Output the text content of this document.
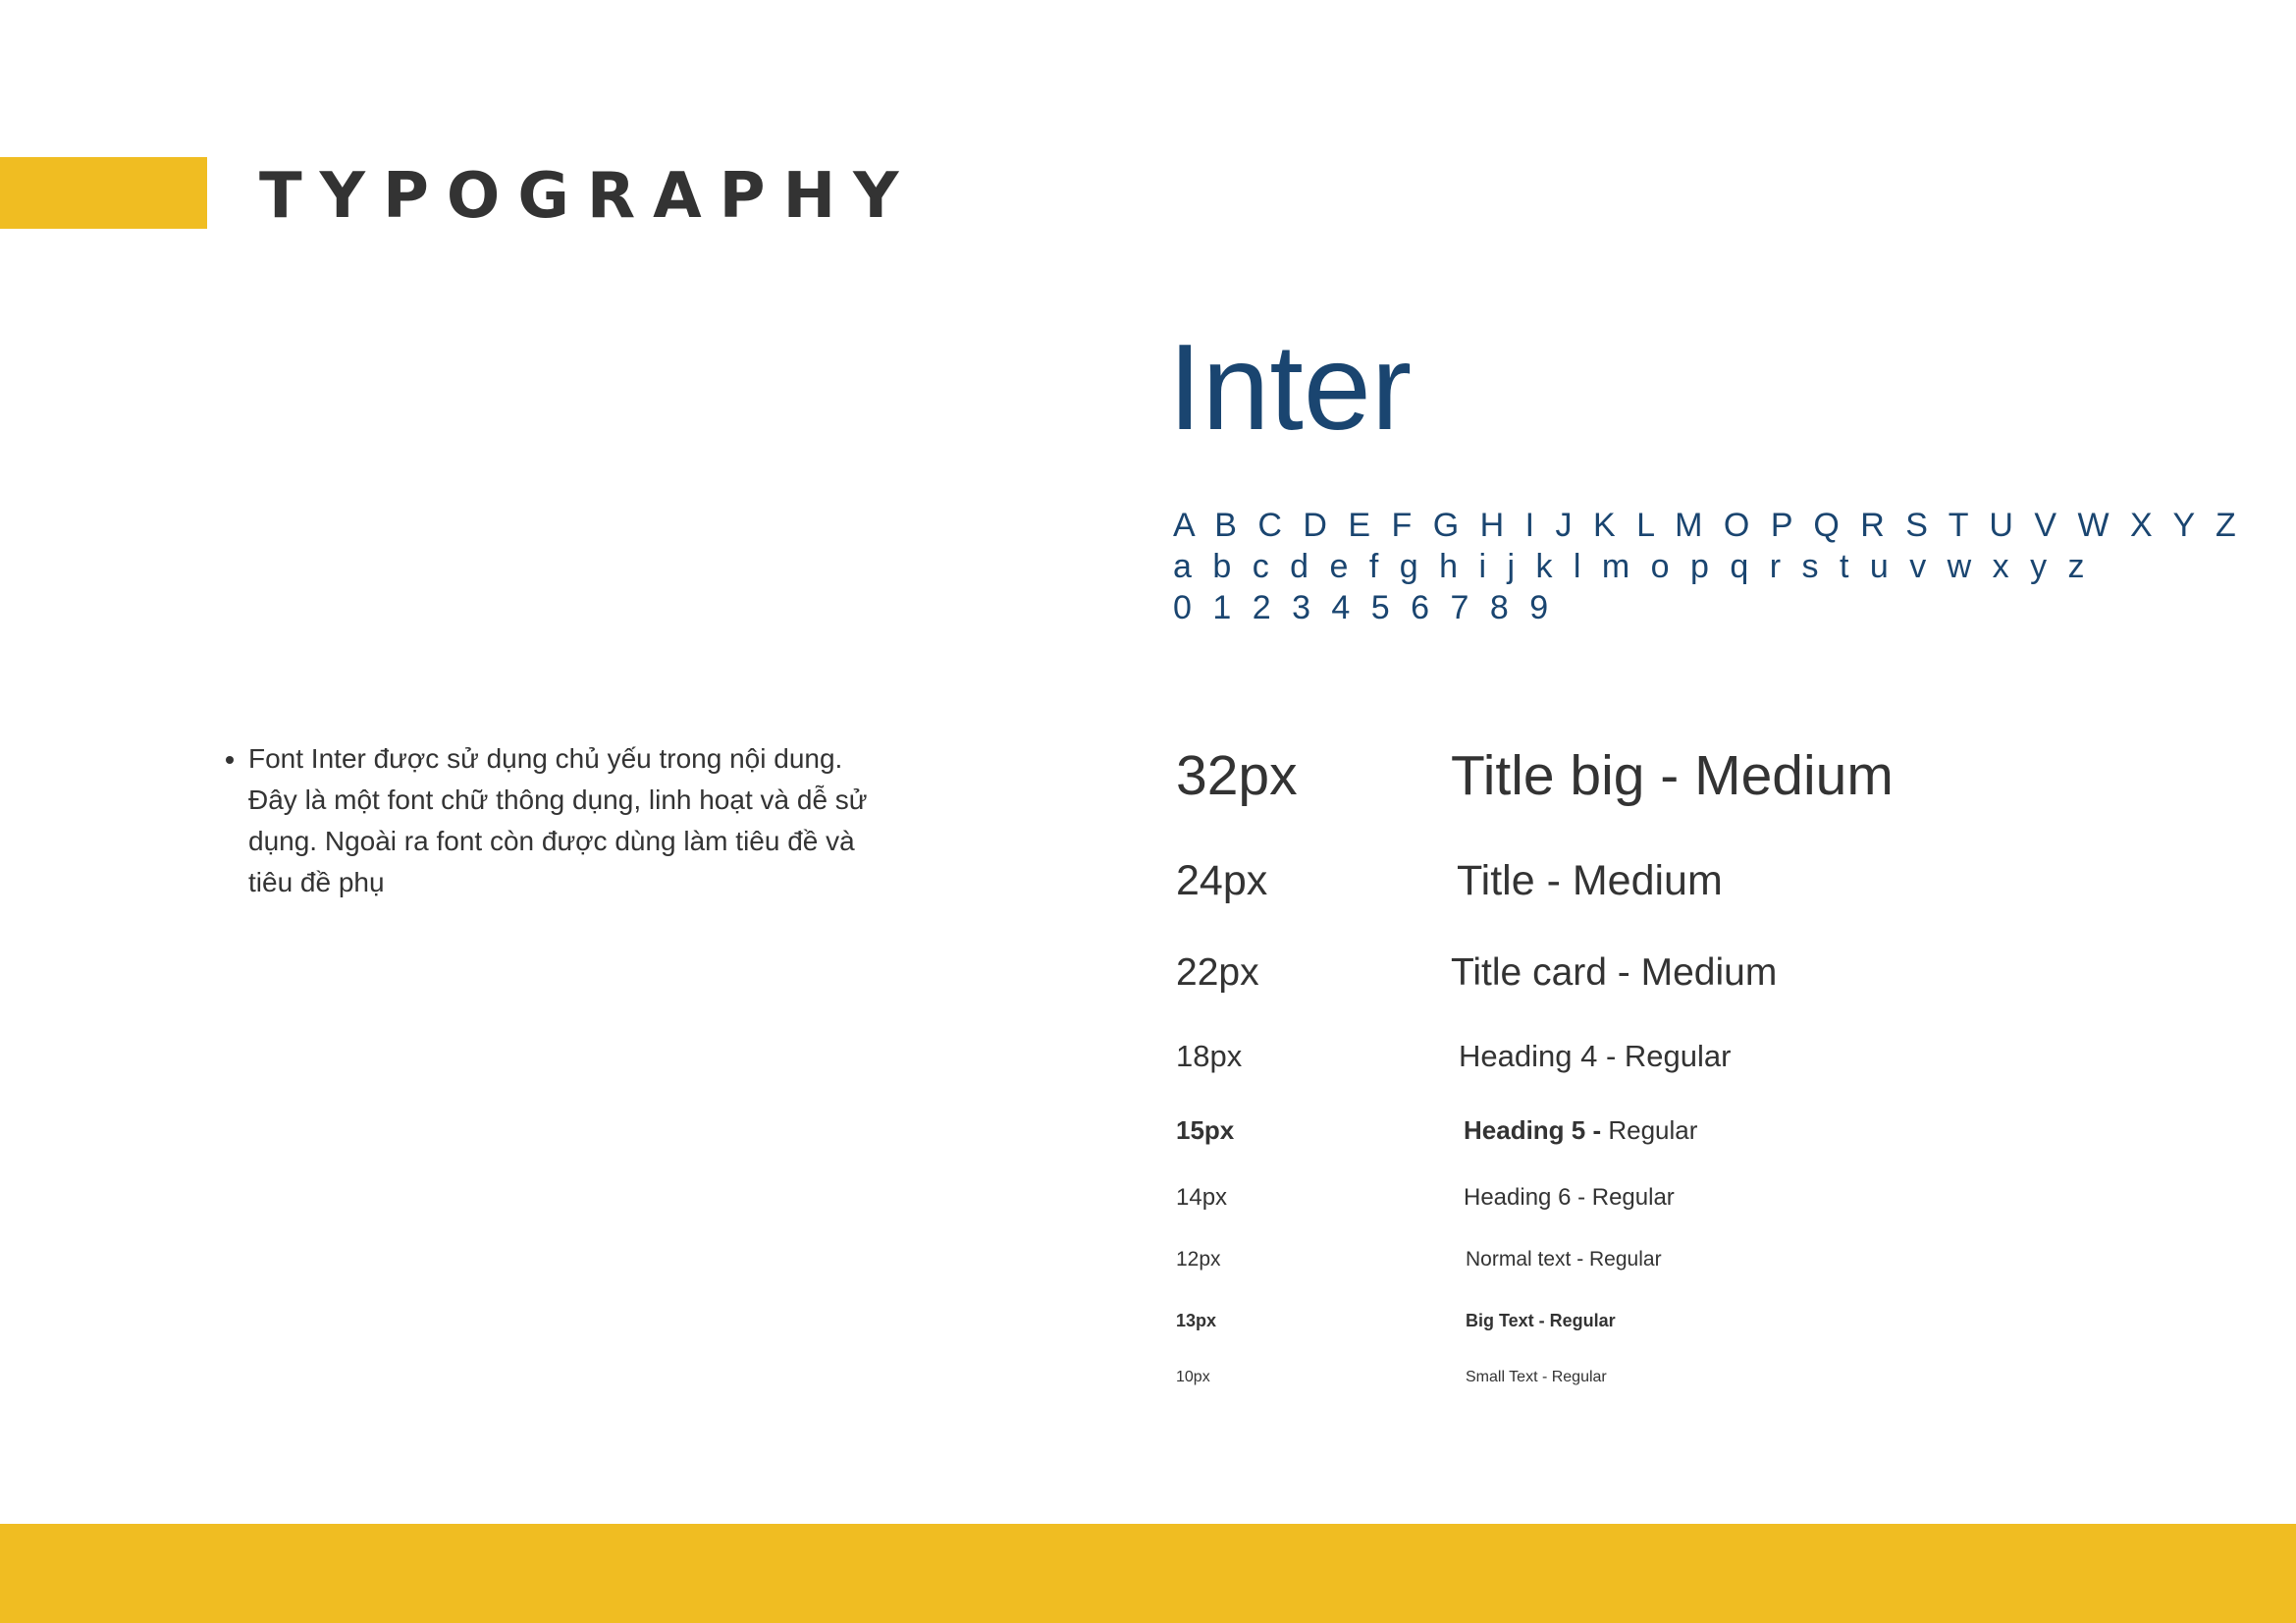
TYPOGRAPHY
• Font Inter được sử dụng chủ yếu trong nội dung. Đây là một font chữ thông dụng, linh hoạt và dễ sử dụng. Ngoài ra font còn được dùng làm tiêu đề và tiêu đề phụ
Inter
A B C D E F G H I J K L M O P Q R S T U V W X Y Z
a b c d e f g h i j k l m o p q r s t u v w x y z
0 1 2 3 4 5 6 7 8 9
32px	Title big - Medium
24px	Title - Medium
22px	Title card - Medium
18px	Heading 4 - Regular
15px	Heading 5 - Regular
14px	Heading 6 - Regular
12px	Normal text - Regular
13px	Big Text - Regular
10px	Small Text - Regular
